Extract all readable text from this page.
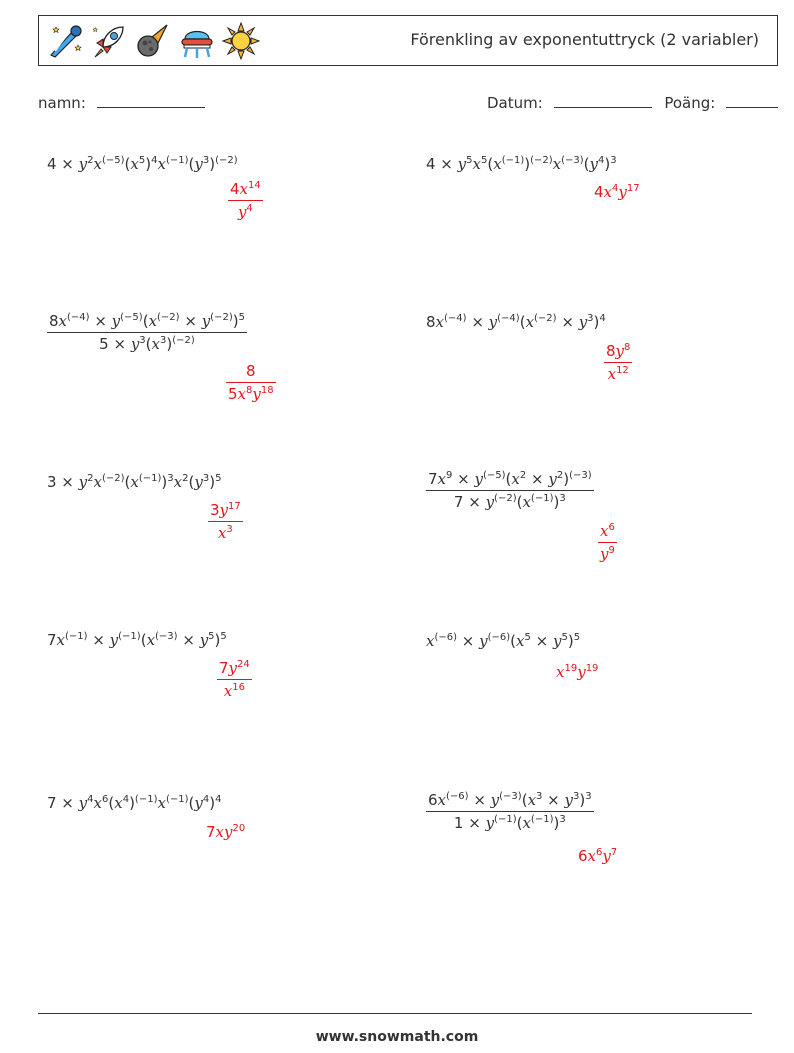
Förenkling av exponentuttryck (2 variabler)
namn:	Datum:	Poäng:
$4 \times y^2x^{(-5)}(x^5)^4x^{(-1)}(y^3)^{(-2)}$
$\frac{4x^{14}}{y^4}$
$4 \times y^5x^5(x^{(-1)})^{(-2)}x^{(-3)}(y^4)^3$
$4x^4y^{17}$
$\frac{8x^{(-4)} \times y^{(-5)}(x^{(-2)} \times y^{(-2)})^5}{5 \times y^3(x^3)^{(-2)}}$
$\frac{8}{5x^8y^{18}}$
$8x^{(-4)} \times y^{(-4)}(x^{(-2)} \times y^3)^4$
$\frac{8y^8}{x^{12}}$
$3 \times y^2x^{(-2)}(x^{(-1)})^3x^2(y^3)^5$
$\frac{3y^{17}}{x^3}$
$\frac{7x^9 \times y^{(-5)}(x^2 \times y^2)^{(-3)}}{7 \times y^{(-2)}(x^{(-1)})^3}$
$\frac{x^6}{y^9}$
$7x^{(-1)} \times y^{(-1)}(x^{(-3)} \times y^5)^5$
$\frac{7y^{24}}{x^{16}}$
$x^{(-6)} \times y^{(-6)}(x^5 \times y^5)^5$
$x^{19}y^{19}$
$7 \times y^4x^6(x^4)^{(-1)}x^{(-1)}(y^4)^4$
$7xy^{20}$	$\frac{6x^{(-6)} \times y^{(-3)}(x^3 \times y^3)^3}{1 \times y^{(-1)}(x^{(-1)})^3}$
$6x^6y^7$
www.snowmath.com
